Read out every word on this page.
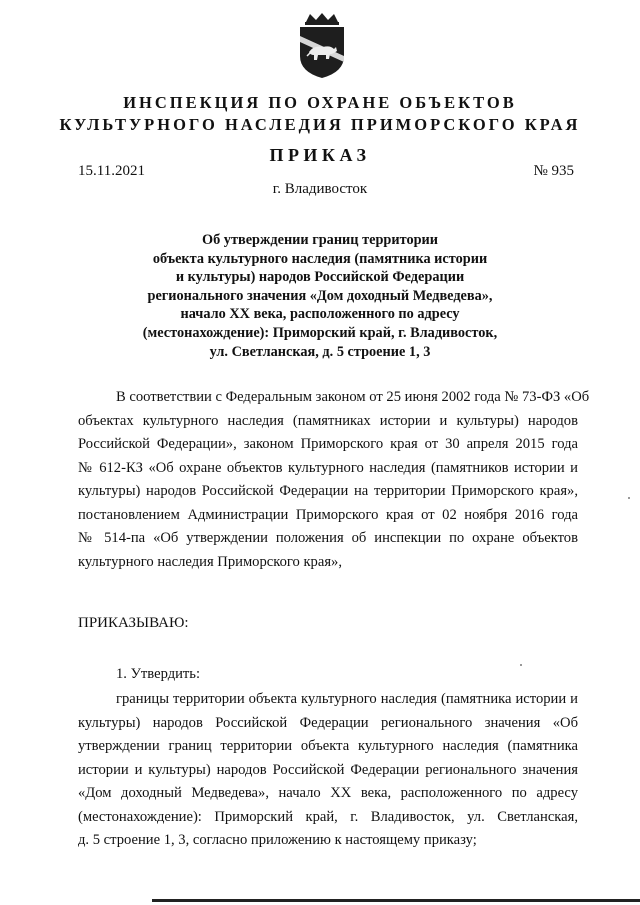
ИНСПЕКЦИЯ ПО ОХРАНЕ ОБЪЕКТОВ
КУЛЬТУРНОГО НАСЛЕДИЯ ПРИМОРСКОГО КРАЯ
ПРИКАЗ
15.11.2021	№ 935
г. Владивосток
Об утверждении границ территории
объекта культурного наследия (памятника истории
и культуры) народов Российской Федерации
регионального значения «Дом доходный Медведева»,
начало XX века, расположенного по адресу
(местонахождение): Приморский край, г. Владивосток,
ул. Светланская, д. 5 строение 1, 3
В соответствии с Федеральным законом от 25 июня 2002 года № 73-ФЗ «Об
объектах культурного наследия (памятниках истории и культуры) народов
Российской Федерации», законом Приморского края от 30 апреля 2015 года
№ 612-КЗ «Об охране объектов культурного наследия (памятников истории и
культуры) народов Российской Федерации на территории Приморского края»,
постановлением Администрации Приморского края от 02 ноября 2016 года
№ 514-па «Об утверждении положения об инспекции по охране объектов
культурного наследия Приморского края»,
ПРИКАЗЫВАЮ:
1. Утвердить:
границы территории объекта культурного наследия (памятника истории и
культуры) народов Российской Федерации регионального значения «Об
утверждении границ территории объекта культурного наследия (памятника
истории и культуры) народов Российской Федерации регионального значения
«Дом доходный Медведева», начало XX века, расположенного по адресу
(местонахождение): Приморский край, г. Владивосток, ул. Светланская,
д. 5 строение 1, 3, согласно приложению к настоящему приказу;
